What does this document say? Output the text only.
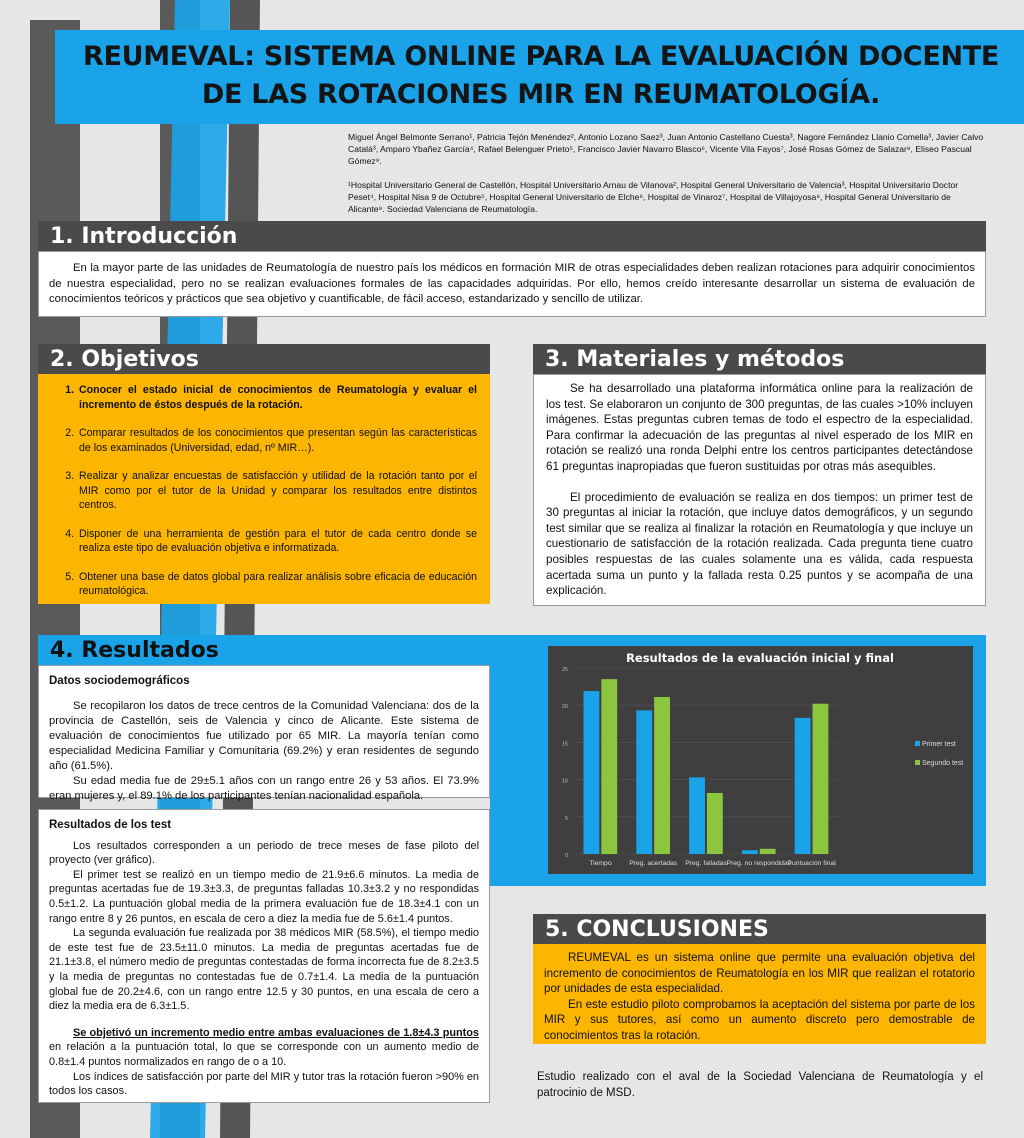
REUMEVAL: SISTEMA ONLINE PARA LA EVALUACIÓN DOCENTE
DE LAS ROTACIONES MIR EN REUMATOLOGÍA.
Miguel Ángel Belmonte Serrano¹, Patricia Tejón Menéndez², Antonio Lozano Saez³, Juan Antonio Castellano Cuesta³, Nagore Fernández Llanio Comella³, Javier Calvo Catalá³, Amparo Ybañez García⁴, Rafael Belenguer Prieto⁵, Francisco Javier Navarro Blasco⁶, Vicente Vila Fayos⁷, José Rosas Gómez de Salazar⁸, Eliseo Pascual Gómez⁹.
¹Hospital Universitario General de Castellón, Hospital Universitario Arnau de Vilanova², Hospital General Universitario de Valencia³, Hospital Universitario Doctor Peset⁴, Hospital Nisa 9 de Octubre⁵, Hospital General Universitario de Elche⁶, Hospital de Vinaroz⁷, Hospital de Villajoyosa⁸, Hospital General Universitario de Alicante⁹. Sociedad Valenciana de Reumatología.
1. Introducción

En la mayor parte de las unidades de Reumatología de nuestro país los médicos en formación MIR de otras especialidades deben realizan rotaciones para adquirir conocimientos de nuestra especialidad, pero no se realizan evaluaciones formales de las capacidades adquiridas. Por ello, hemos creído interesante desarrollar un sistema de evaluación de conocimientos teóricos y prácticos que sea objetivo y cuantificable, de fácil acceso, estandarizado y sencillo de utilizar.

2. Objetivos
1. Conocer el estado inicial de conocimientos de Reumatología y evaluar el incremento de éstos después de la rotación.
2. Comparar resultados de los conocimientos que presentan según las características de los examinados (Universidad, edad, nº MIR…).
3. Realizar y analizar encuestas de satisfacción y utilidad de la rotación tanto por el MIR como por el tutor de la Unidad y comparar los resultados entre distintos centros.
4. Disponer de una herramienta de gestión para el tutor de cada centro donde se realiza este tipo de evaluación objetiva e informatizada.
5. Obtener una base de datos global para realizar análisis sobre eficacia de educación reumatológica.
3. Materiales y métodos

Se ha desarrollado una plataforma informática online para la realización de los test. Se elaboraron un conjunto de 300 preguntas, de las cuales >10% incluyen imágenes. Estas preguntas cubren temas de todo el espectro de la especialidad. Para confirmar la adecuación de las preguntas al nivel esperado de los MIR en rotación se realizó una ronda Delphi entre los centros participantes detectándose 61 preguntas inapropiadas que fueron sustituidas por otras más asequibles.

El procedimiento de evaluación se realiza en dos tiempos: un primer test de 30 preguntas al iniciar la rotación, que incluye datos demográficos, y un segundo test similar que se realiza al finalizar la rotación en Reumatología y que incluye un cuestionario de satisfacción de la rotación realizada. Cada pregunta tiene cuatro posibles respuestas de las cuales solamente una es válida, cada respuesta acertada suma un punto y la fallada resta 0.25 puntos y se acompaña de una explicación.

4. Resultados
Datos sociodemográficos

Se recopilaron los datos de trece centros de la Comunidad Valenciana: dos de la provincia de Castellón, seis de Valencia y cinco de Alicante. Este sistema de evaluación de conocimientos fue utilizado por 65 MIR. La mayoría tenían como especialidad Medicina Familiar y Comunitaria (69.2%) y eran residentes de segundo año (61.5%).

Su edad media fue de 29±5.1 años con un rango entre 26 y 53 años. El 73.9% eran mujeres y, el 89.1% de los participantes tenían nacionalidad española.

Resultados de los test

Los resultados corresponden a un periodo de trece meses de fase piloto del proyecto (ver gráfico).

El primer test se realizó en un tiempo medio de 21.9±6.6 minutos. La media de preguntas acertadas fue de 19.3±3.3, de preguntas falladas 10.3±3.2 y no respondidas 0.5±1.2. La puntuación global media de la primera evaluación fue de 18.3±4.1 con un rango entre 8 y 26 puntos, en escala de cero a diez la media fue de 5.6±1.4 puntos.

La segunda evaluación fue realizada por 38 médicos MIR (58.5%), el tiempo medio de este test fue de 23.5±11.0 minutos. La media de preguntas acertadas fue de 21.1±3.8, el número medio de preguntas contestadas de forma incorrecta fue de 8.2±3.5 y la media de preguntas no contestadas fue de 0.7±1.4. La media de la puntuación global fue de 20.2±4.6, con un rango entre 12.5 y 30 puntos, en una escala de cero a diez la media era de 6.3±1.5.

Se objetivó un incremento medio entre ambas evaluaciones de 1.8±4.3 puntos en relación a la puntuación total, lo que se corresponde con un aumento medio de 0.8±1.4 puntos normalizados en rango de o a 10.

Los índices de satisfacción por parte del MIR y tutor tras la rotación fueron >90% en todos los casos.

Resultados de la evaluación inicial y final
0
5
10
15
20
25
Tiempo	Preg. acertadas Preg. falladas Preg. no respondidas
Puntuación final
Primer test
Segundo test
5. CONCLUSIONES

REUMEVAL es un sistema online que permite una evaluación objetiva del incremento de conocimientos de Reumatología en los MIR que realizan el rotatorio por unidades de esta especialidad.

En este estudio piloto comprobamos la aceptación del sistema por parte de los MIR y sus tutores, así como un aumento discreto pero demostrable de conocimientos tras la rotación.

Estudio realizado con el aval de la Sociedad Valenciana de Reumatología y el patrocinio de MSD.
